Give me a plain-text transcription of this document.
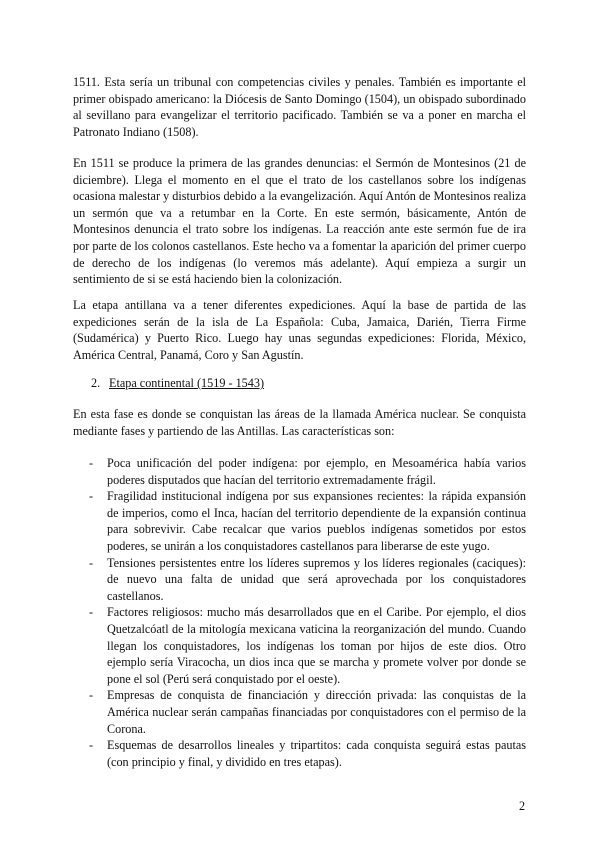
1511. Esta sería un tribunal con competencias civiles y penales. También es importante el primer obispado americano: la Diócesis de Santo Domingo (1504), un obispado subordinado al sevillano para evangelizar el territorio pacificado. También se va a poner en marcha el Patronato Indiano (1508).

En 1511 se produce la primera de las grandes denuncias: el Sermón de Montesinos (21 de diciembre). Llega el momento en el que el trato de los castellanos sobre los indígenas ocasiona malestar y disturbios debido a la evangelización. Aquí Antón de Montesinos realiza un sermón que va a retumbar en la Corte. En este sermón, básicamente, Antón de Montesinos denuncia el trato sobre los indígenas. La reacción ante este sermón fue de ira por parte de los colonos castellanos. Este hecho va a fomentar la aparición del primer cuerpo de derecho de los indígenas (lo veremos más adelante). Aquí empieza a surgir un sentimiento de si se está haciendo bien la colonización.

La etapa antillana va a tener diferentes expediciones. Aquí la base de partida de las expediciones serán de la isla de La Española: Cuba, Jamaica, Darién, Tierra Firme (Sudamérica) y Puerto Rico. Luego hay unas segundas expediciones: Florida, México, América Central, Panamá, Coro y San Agustín.

2. Etapa continental (1519 - 1543)

En esta fase es donde se conquistan las áreas de la llamada América nuclear. Se conquista mediante fases y partiendo de las Antillas. Las características son:

- Poca unificación del poder indígena: por ejemplo, en Mesoamérica había varios poderes disputados que hacían del territorio extremadamente frágil.
- Fragilidad institucional indígena por sus expansiones recientes: la rápida expansión de imperios, como el Inca, hacían del territorio dependiente de la expansión continua para sobrevivir. Cabe recalcar que varios pueblos indígenas sometidos por estos poderes, se unirán a los conquistadores castellanos para liberarse de este yugo.
- Tensiones persistentes entre los líderes supremos y los líderes regionales (caciques): de nuevo una falta de unidad que será aprovechada por los conquistadores castellanos.
- Factores religiosos: mucho más desarrollados que en el Caribe. Por ejemplo, el dios Quetzalcóatl de la mitología mexicana vaticina la reorganización del mundo. Cuando llegan los conquistadores, los indígenas los toman por hijos de este dios. Otro ejemplo sería Viracocha, un dios inca que se marcha y promete volver por donde se pone el sol (Perú será conquistado por el oeste).
- Empresas de conquista de financiación y dirección privada: las conquistas de la América nuclear serán campañas financiadas por conquistadores con el permiso de la Corona.
- Esquemas de desarrollos lineales y tripartitos: cada conquista seguirá estas pautas (con principio y final, y dividido en tres etapas).

2
